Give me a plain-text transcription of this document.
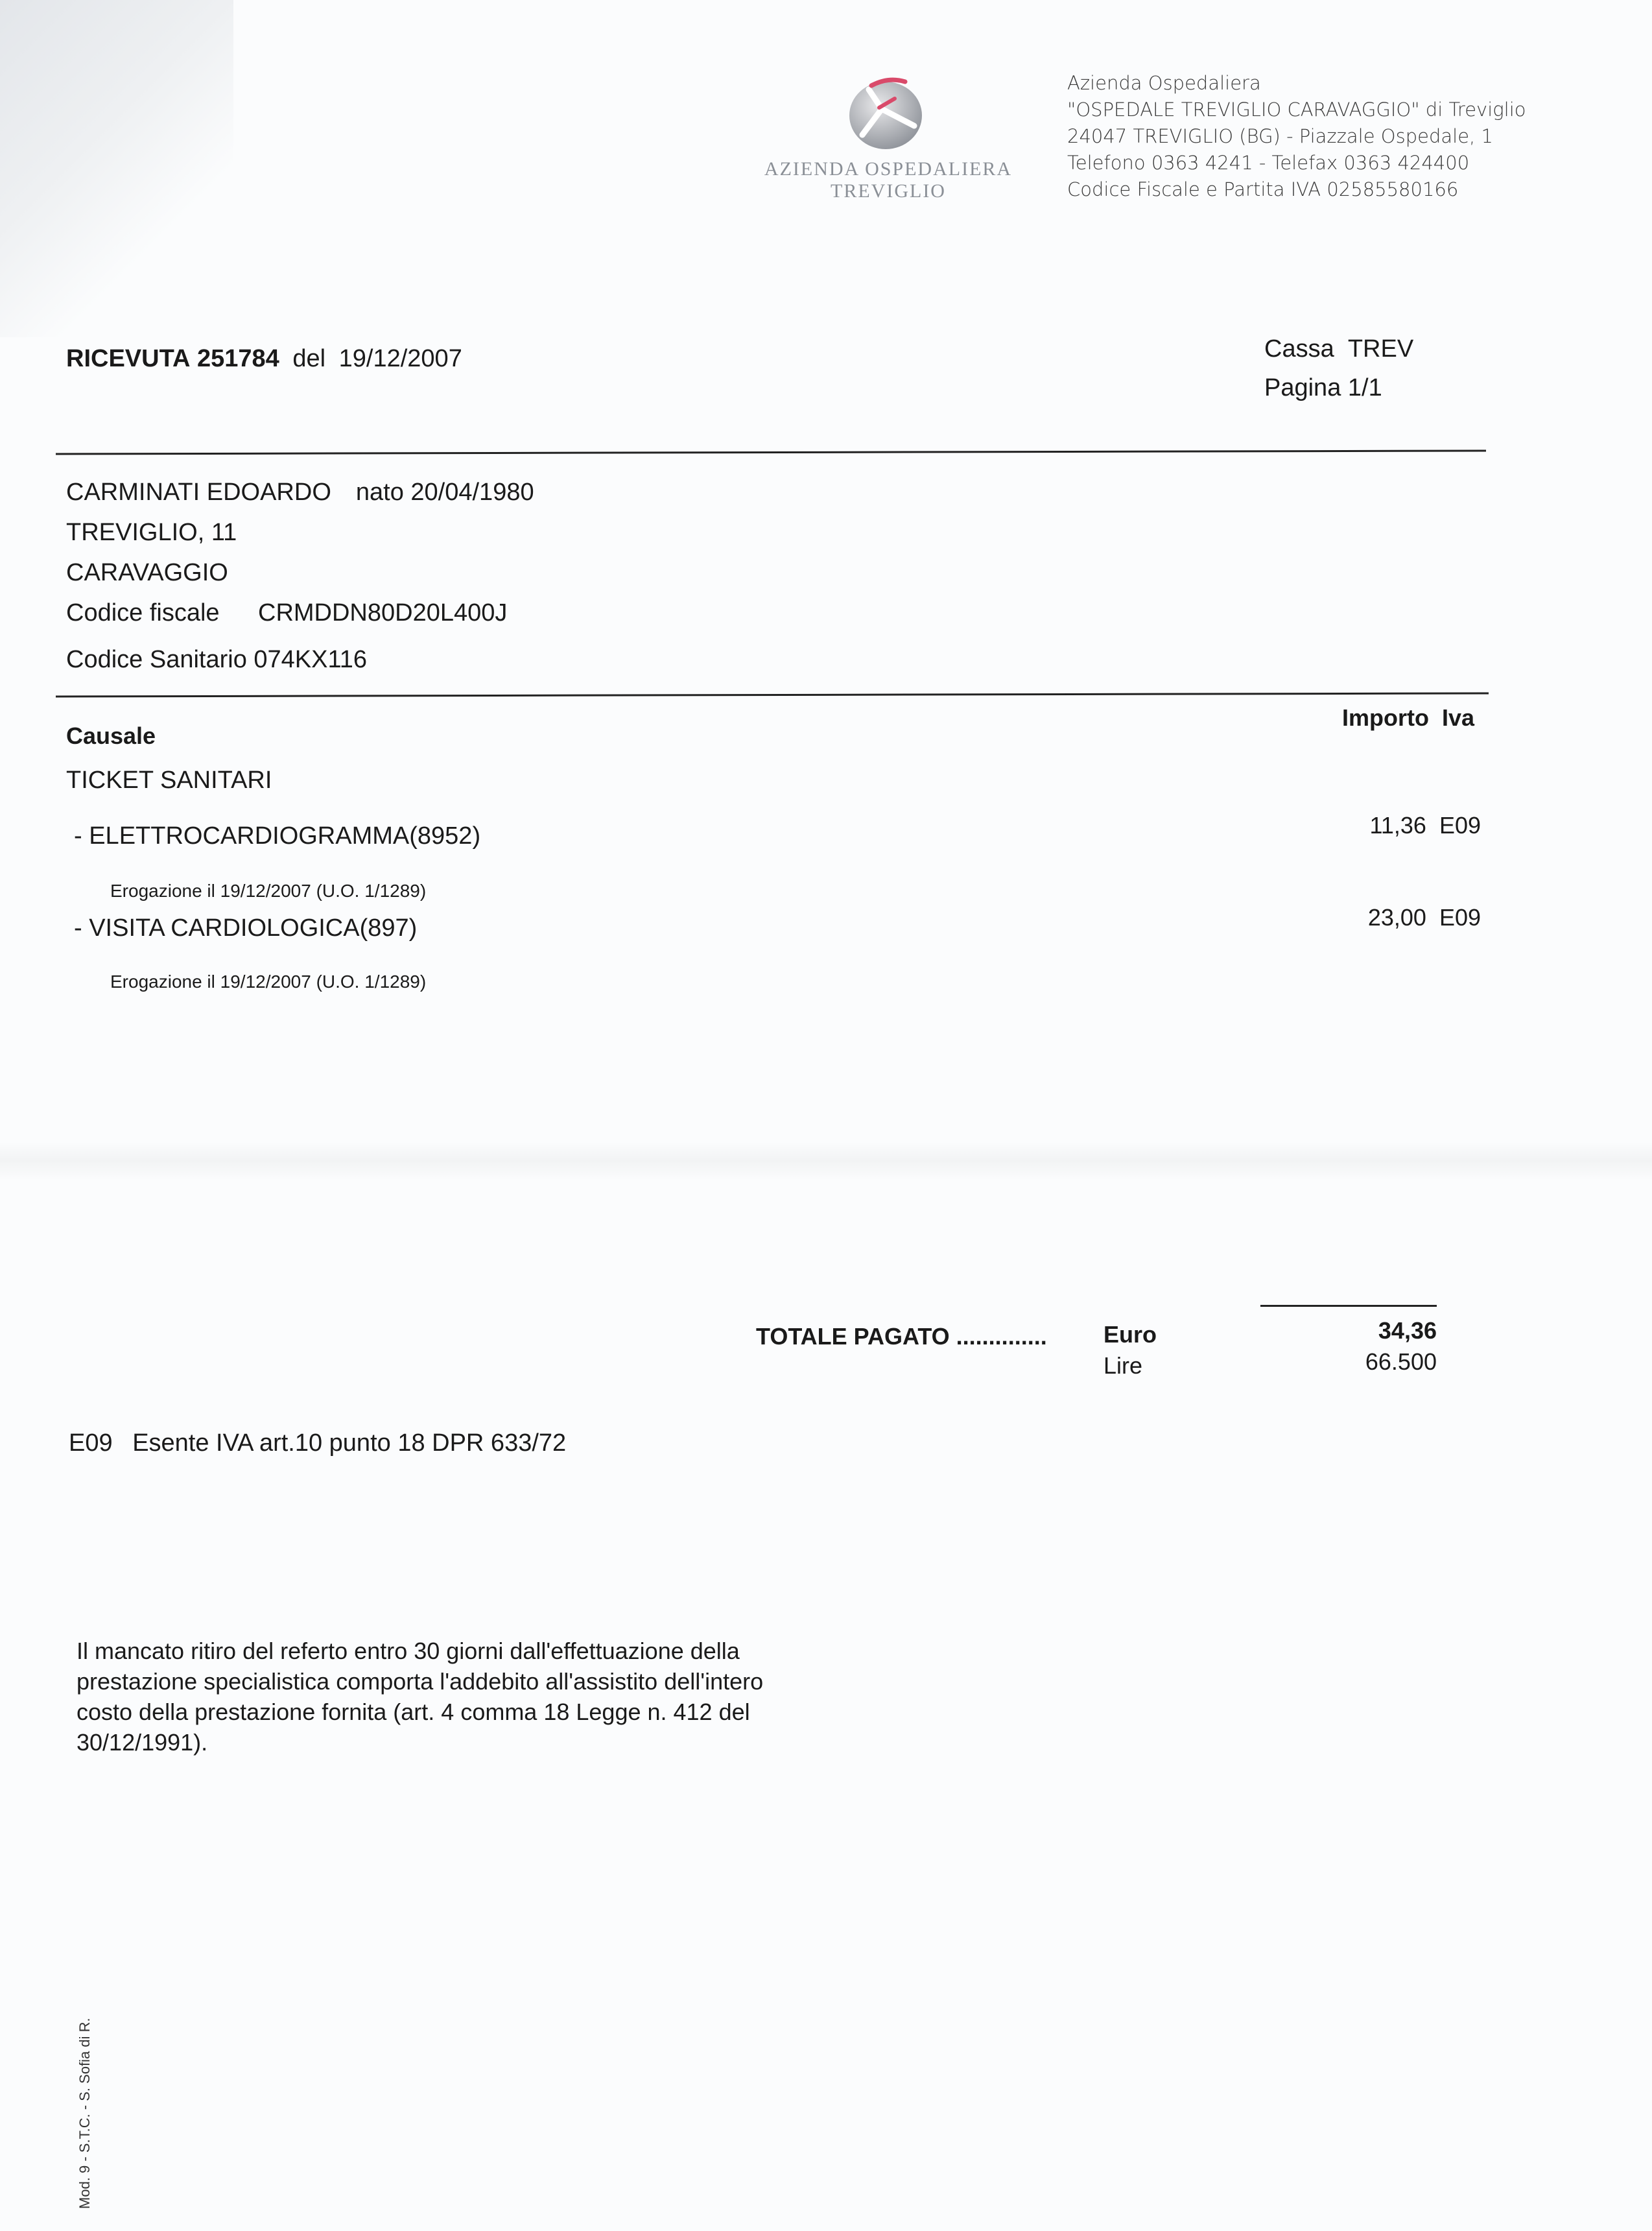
AZIENDA OSPEDALIERA
TREVIGLIO
Azienda Ospedaliera
"OSPEDALE TREVIGLIO CARAVAGGIO" di Treviglio
24047 TREVIGLIO (BG) - Piazzale Ospedale, 1
Telefono 0363 4241 - Telefax 0363 424400
Codice Fiscale e Partita IVA 02585580166
RICEVUTA 251784 del 19/12/2007	Cassa TREV
Pagina 1/1
CARMINATI EDOARDO nato 20/04/1980
TREVIGLIO, 11
CARAVAGGIO
Codice fiscale CRMDDN80D20L400J
Codice Sanitario 074KX116
Causale
Importo Iva
TICKET SANITARI
- ELETTROCARDIOGRAMMA(8952)
Erogazione il 19/12/2007 (U.O. 1/1289)
11,36 E09
- VISITA CARDIOLOGICA(897)
Erogazione il 19/12/2007 (U.O. 1/1289)
23,00 E09
TOTALE PAGATO .............. Euro
Lire
34,36
66.500
E09 Esente IVA art.10 punto 18 DPR 633/72
Il mancato ritiro del referto entro 30 giorni dall'effettuazione della
prestazione specialistica comporta l'addebito all'assistito dell'intero
costo della prestazione fornita (art. 4 comma 18 Legge n. 412 del
30/12/1991).
Mod. 9 - S.T.C. - S. Sofia di R.
